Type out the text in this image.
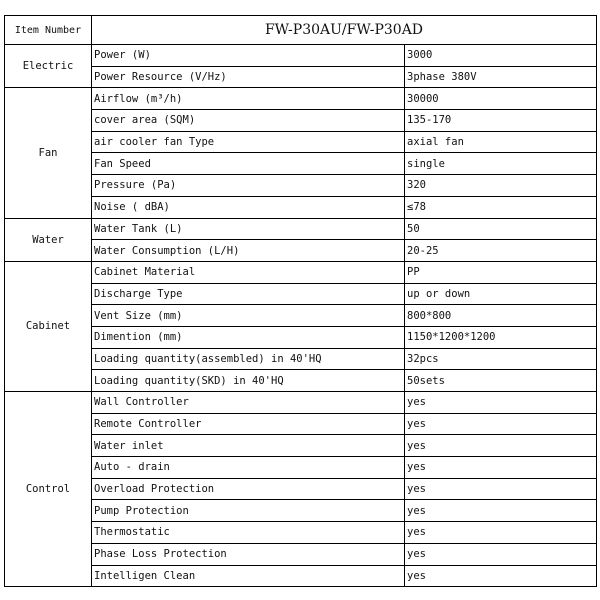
Item Number	FW-P30AU/FW-P30AD	
Electric	Power (W)	3000
	Power Resource (V/Hz)	3phase 380V
Fan	Airflow (m³/h)	30000
	cover area (SQM)	135-170
	air cooler fan Type	axial fan
	Fan Speed	single
	Pressure (Pa)	320
	Noise ( dBA)	≤78
Water	Water Tank (L)	50
	Water Consumption (L/H)	20-25
Cabinet	Cabinet Material	PP
	Discharge Type	up or down
	Vent Size (mm)	800*800
	Dimention (mm)	1150*1200*1200
	Loading quantity(assembled) in 40'HQ	32pcs
	Loading quantity(SKD) in 40'HQ	50sets
Control	Wall Controller	yes
	Remote Controller	yes
	Water inlet	yes
	Auto - drain	yes
	Overload Protection	yes
	Pump Protection	yes
	Thermostatic	yes
	Phase Loss Protection	yes
	Intelligen Clean	yes
